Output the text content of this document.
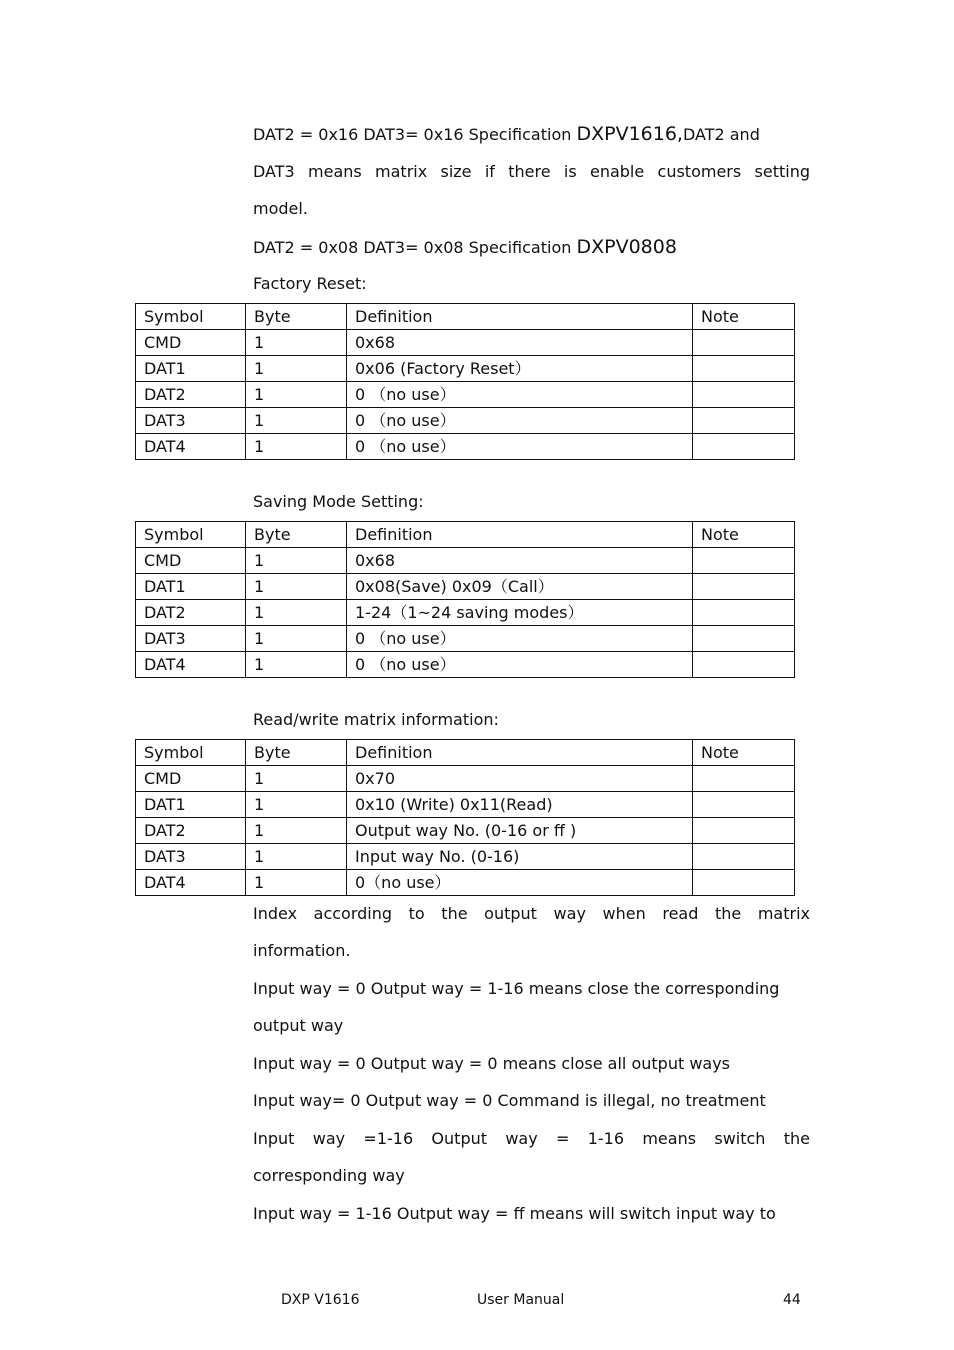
DAT2 = 0x16 DAT3= 0x16 Specification DXPV1616,DAT2 and
DAT3 means matrix size if there is enable customers setting
model.
DAT2 = 0x08 DAT3= 0x08 Specification DXPV0808
Factory Reset:
Symbol	Byte	Definition	Note
CMD	1	0x68	
DAT1	1	0x06 (Factory Reset）	
DAT2	1	0 （no use）	
DAT3	1	0 （no use）	
DAT4	1	0 （no use）	
Saving Mode Setting:
Symbol	Byte	Definition	Note
CMD	1	0x68	
DAT1	1	0x08(Save) 0x09（Call）	
DAT2	1	1-24（1~24 saving modes）	
DAT3	1	0 （no use）	
DAT4	1	0 （no use）	
Read/write matrix information:
Symbol	Byte	Definition	Note
CMD	1	0x70	
DAT1	1	0x10 (Write) 0x11(Read)	
DAT2	1	Output way No. (0-16 or ff )	
DAT3	1	Input way No. (0-16)	
DAT4	1	0（no use）	
Index according to the output way when read the matrix
information.
Input way = 0 Output way = 1-16 means close the corresponding
output way
Input way = 0 Output way = 0 means close all output ways
Input way= 0 Output way = 0 Command is illegal, no treatment
Input way =1-16 Output way = 1-16 means switch the
corresponding way
Input way = 1-16 Output way = ff means will switch input way to
DXP V1616	User Manual	44
